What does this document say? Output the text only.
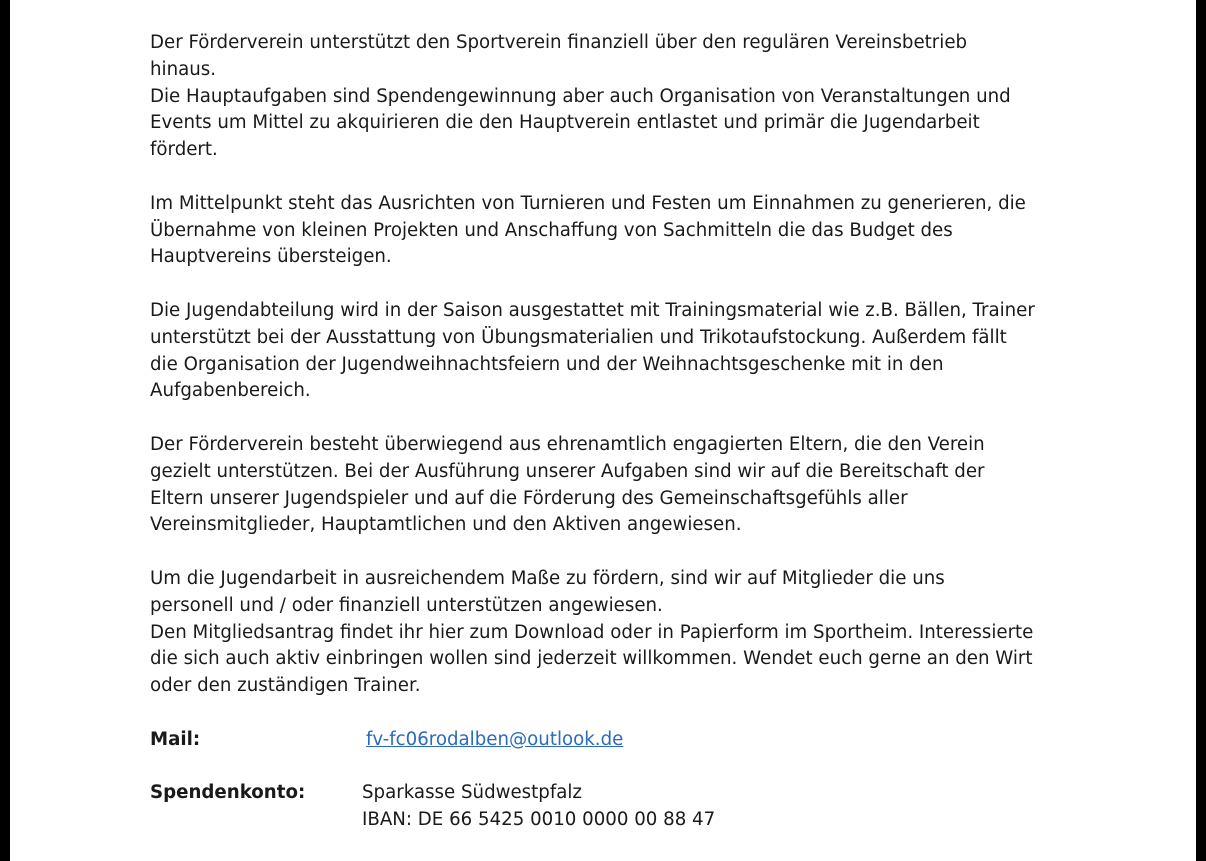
Der Förderverein unterstützt den Sportverein finanziell über den regulären Vereinsbetrieb
hinaus.
Die Hauptaufgaben sind Spendengewinnung aber auch Organisation von Veranstaltungen und
Events um Mittel zu akquirieren die den Hauptverein entlastet und primär die Jugendarbeit
fördert.

Im Mittelpunkt steht das Ausrichten von Turnieren und Festen um Einnahmen zu generieren, die
Übernahme von kleinen Projekten und Anschaffung von Sachmitteln die das Budget des
Hauptvereins übersteigen.

Die Jugendabteilung wird in der Saison ausgestattet mit Trainingsmaterial wie z.B. Bällen, Trainer
unterstützt bei der Ausstattung von Übungsmaterialien und Trikotaufstockung. Außerdem fällt
die Organisation der Jugendweihnachtsfeiern und der Weihnachtsgeschenke mit in den
Aufgabenbereich.

Der Förderverein besteht überwiegend aus ehrenamtlich engagierten Eltern, die den Verein
gezielt unterstützen. Bei der Ausführung unserer Aufgaben sind wir auf die Bereitschaft der
Eltern unserer Jugendspieler und auf die Förderung des Gemeinschaftsgefühls aller
Vereinsmitglieder, Hauptamtlichen und den Aktiven angewiesen.

Um die Jugendarbeit in ausreichendem Maße zu fördern, sind wir auf Mitglieder die uns
personell und / oder finanziell unterstützen angewiesen.
Den Mitgliedsantrag findet ihr hier zum Download oder in Papierform im Sportheim. Interessierte
die sich auch aktiv einbringen wollen sind jederzeit willkommen. Wendet euch gerne an den Wirt
oder den zuständigen Trainer.

Mail:	fv-fc06rodalben@outlook.de
Spendenkonto:	Sparkasse Südwestpfalz
IBAN: DE 66 5425 0010 0000 00 88 47
